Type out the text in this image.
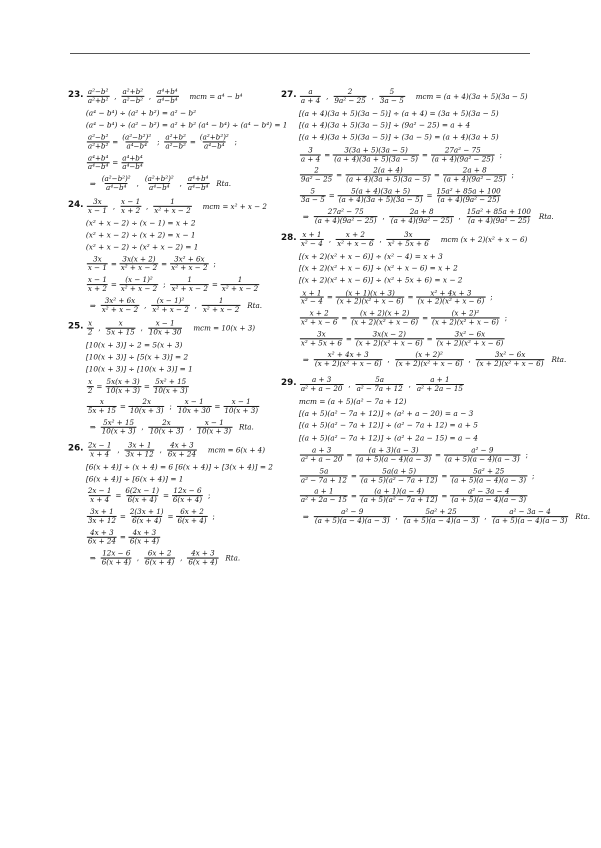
23. $\frac{\text{a²−b²}}{\text{a²+b²}}$ , $\frac{\text{a²+b²}}{\text{a²−b²}}$ , $\frac{\text{a⁴+b⁴}}{\text{a⁴−b⁴}}$ mcm = a⁴ − b⁴
(a⁴ − b⁴) ÷ (a² + b²) = a² − b²
(a⁴ − b⁴) ÷ (a² − b²) = a² + b² (a⁴ − b⁴) ÷ (a⁴ − b⁴) = 1
$\frac{\text{a²−b²}}{\text{a²+b²}} = \frac{\text{(a²−b²)²}}{\text{a⁴−b⁴}}$ ; $\frac{\text{a²+b²}}{\text{a²−b²}} = \frac{\text{(a²+b²)²}}{\text{a⁴−b⁴}}$ ;
$\frac{\text{a⁴+b⁴}}{\text{a⁴−b⁴}} = \frac{\text{a⁴+b⁴}}{\text{a⁴−b⁴}}$
⇒ $\frac{\text{(a²−b²)²}}{\text{a⁴−b⁴}}$ , $\frac{\text{(a²+b²)²}}{\text{a⁴−b⁴}}$ , $\frac{\text{a⁴+b⁴}}{\text{a⁴−b⁴}}$ Rta.
24. $\frac{3x}{x - 1}$ , $\frac{x - 1}{x + 2}$ , $\frac{1}{\text{x² + x − 2}}$ mcm = x² + x − 2
(x² + x − 2) ÷ (x − 1) = x + 2
(x² + x − 2) ÷ (x + 2) = x − 1
(x² + x − 2) ÷ (x² + x − 2) = 1
$\frac{3x}{x - 1} = \frac{3x(x + 2)}{\text{x² + x − 2}} = \frac{\text{3x² + 6x}}{\text{x² + x − 2}}$ ;
$\frac{x - 1}{x + 2} = \frac{\text{(x − 1)²}}{\text{x² + x − 2}}$ ; $\frac{1}{\text{x² + x − 2}} = \frac{1}{\text{x² + x − 2}}$
⇒ $\frac{\text{3x² + 6x}}{\text{x² + x − 2}}$ , $\frac{\text{(x − 1)²}}{\text{x² + x − 2}}$ , $\frac{1}{\text{x² + x − 2}}$ Rta.
25. $\frac{x}{2}$ , $\frac{x}{5x + 15}$ , $\frac{x - 1}{10x + 30}$ mcm = 10(x + 3)
[10(x + 3)] ÷ 2 = 5(x + 3)
[10(x + 3)] ÷ [5(x + 3)] = 2
[10(x + 3)] ÷ [10(x + 3)] = 1
$\frac{x}{2} = \frac{5x(x + 3)}{10(x + 3)} = \frac{\text{5x² + 15}}{10(x + 3)}$
$\frac{x}{5x + 15} = \frac{2x}{10(x + 3)}$ ; $\frac{x - 1}{10x + 30} = \frac{x - 1}{10(x + 3)}$
⇒ $\frac{\text{5x² + 15}}{10(x + 3)}$ , $\frac{2x}{10(x + 3)}$ , $\frac{x - 1}{10(x + 3)}$ Rta.
26. $\frac{2x - 1}{x + 4}$ , $\frac{3x + 1}{3x + 12}$ , $\frac{4x + 3}{6x + 24}$ mcm = 6(x + 4)
[6(x + 4)] ÷ (x + 4) = 6 [6(x + 4)] ÷ [3(x + 4)] = 2
[6(x + 4)] ÷ [6(x + 4)] = 1
$\frac{2x - 1}{x + 4} = \frac{6(2x - 1)}{6(x + 4)} = \frac{12x - 6}{6(x + 4)}$ ;
$\frac{3x + 1}{3x + 12} = \frac{2(3x + 1)}{6(x + 4)} = \frac{6x + 2}{6(x + 4)}$ ;
$\frac{4x + 3}{6x + 24} = \frac{4x + 3}{6(x + 4)}$
⇒ $\frac{12x - 6}{6(x + 4)}$ , $\frac{6x + 2}{6(x + 4)}$ , $\frac{4x + 3}{6(x + 4)}$ Rta.
27. $\frac{a}{a + 4}$ , $\frac{2}{\text{9a² − 25}}$ , $\frac{5}{3a - 5}$ mcm = (a + 4)(3a + 5)(3a − 5)
[(a + 4)(3a + 5)(3a − 5)] ÷ (a + 4) = (3a + 5)(3a − 5)
[(a + 4)(3a + 5)(3a − 5)] ÷ (9a² − 25) = a + 4
[(a + 4)(3a + 5)(3a − 5)] ÷ (3a − 5) = (a + 4)(3a + 5)
$\frac{3}{a + 4} = \frac{3(3a + 5)(3a - 5)}{(a + 4)(3a + 5)(3a - 5)} = \frac{\text{27a² − 75}}{\text{(a + 4)(9a² − 25)}}$ ;
$\frac{2}{\text{9a² − 25}} = \frac{2(a + 4)}{(a + 4)(3a + 5)(3a - 5)} = \frac{2a + 8}{\text{(a + 4)(9a² − 25)}}$ ;
$\frac{5}{3a - 5} = \frac{5(a + 4)(3a + 5)}{(a + 4)(3a + 5)(3a - 5)} = \frac{\text{15a² + 85a + 100}}{\text{(a + 4)(9a² − 25)}}$
⇒ $\frac{\text{27a² − 75}}{\text{(a + 4)(9a² − 25)}}$ , $\frac{2a + 8}{\text{(a + 4)(9a² − 25)}}$ , $\frac{\text{15a² + 85a + 100}}{\text{(a + 4)(9a² − 25)}}$ Rta.
28. $\frac{x + 1}{\text{x² − 4}}$ , $\frac{x + 2}{\text{x² + x − 6}}$ , $\frac{3x}{\text{x² + 5x + 6}}$ mcm (x + 2)(x² + x − 6)
[(x + 2)(x² + x − 6)] ÷ (x² − 4) = x + 3
[(x + 2)(x² + x − 6)] ÷ (x² + x − 6) = x + 2
[(x + 2)(x² + x − 6)] ÷ (x² + 5x + 6) = x − 2
$\frac{x + 1}{\text{x² − 4}} = \frac{(x + 1)(x + 3)}{\text{(x + 2)(x² + x − 6)}} = \frac{\text{x² + 4x + 3}}{\text{(x + 2)(x² + x − 6)}}$ ;
$\frac{x + 2}{\text{x² + x − 6}} = \frac{(x + 2)(x + 2)}{\text{(x + 2)(x² + x − 6)}} = \frac{\text{(x + 2)²}}{\text{(x + 2)(x² + x − 6)}}$ ;
$\frac{3x}{\text{x² + 5x + 6}} = \frac{3x(x - 2)}{\text{(x + 2)(x² + x − 6)}} = \frac{\text{3x² − 6x}}{\text{(x + 2)(x² + x − 6)}}$
⇒ $\frac{\text{x² + 4x + 3}}{\text{(x + 2)(x² + x − 6)}}$ , $\frac{\text{(x + 2)²}}{\text{(x + 2)(x² + x − 6)}}$ , $\frac{\text{3x² − 6x}}{\text{(x + 2)(x² + x − 6)}}$ Rta.
29. $\frac{a + 3}{\text{a² + a − 20}}$ , $\frac{5a}{\text{a² − 7a + 12}}$ , $\frac{a + 1}{\text{a² + 2a − 15}}$
mcm = (a + 5)(a² − 7a + 12)
[(a + 5)(a² − 7a + 12)] ÷ (a² + a − 20) = a − 3
[(a + 5)(a² − 7a + 12)] ÷ (a² − 7a + 12) = a + 5
[(a + 5)(a² − 7a + 12)] ÷ (a² + 2a − 15) = a − 4
$\frac{a + 3}{\text{a² + a − 20}} = \frac{(a + 3)(a - 3)}{(a + 5)(a - 4)(a - 3)} = \frac{\text{a² − 9}}{(a + 5)(a - 4)(a - 3)}$ ;
$\frac{5a}{\text{a² − 7a + 12}} = \frac{5a(a + 5)}{\text{(a + 5)(a² − 7a + 12)}} = \frac{\text{5a² + 25}}{(a + 5)(a - 4)(a - 3)}$ ;
$\frac{a + 1}{\text{a² + 2a − 15}} = \frac{(a + 1)(a - 4)}{\text{(a + 5)(a² − 7a + 12)}} = \frac{\text{a² − 3a − 4}}{(a + 5)(a - 4)(a - 3)}$
⇒ $\frac{\text{a² − 9}}{(a + 5)(a - 4)(a - 3)}$ , $\frac{\text{5a² + 25}}{(a + 5)(a - 4)(a - 3)}$ , $\frac{\text{a² − 3a − 4}}{(a + 5)(a - 4)(a - 3)}$ Rta.
